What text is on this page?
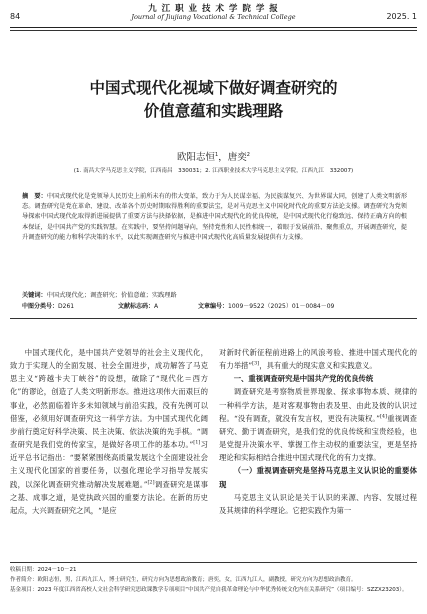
84
九 江 职 业 技 术 学 院 学 报
Journal of Jiujiang Vocational & Technical College	2025. 1
中国式现代化视域下做好调查研究的
价值意蕴和实践理路
欧阳志恒$^1$，唐奕$^2$
(1. 南昌大学马克思主义学院，江西南昌　330031；2. 江西职业技术大学马克思主义学院，江西九江　332007)
摘　要：中国式现代化是党领导人民历史上前所未有的伟大变革，致力于为人民谋幸福、为民族谋复兴、为世界谋大同，创建了人类文明新形态。调查研究是党在革命、建设、改革各个历史时期取得胜利的重要法宝，是对马克思主义中国化时代化的重要方法论支撑。调查研究为党领导探索中国式现代化取得新进展提供了重要方法与抉择依据，是推进中国式现代化的优良传统，是中国式现代化行稳致远、保持正确方向的根本保证，是中国共产党的实践智慧。在实践中，要坚持问题导向，坚持党性和人民性相统一，着眼于发展前沿、聚焦重点，开展调查研究，提升调查研究的能力和科学决策的水平，以此实现调查研究与推进中国式现代化高质量发展提供有力支撑。
关键词：中国式现代化；调查研究；价值意蕴；实践理路
中图分类号：D261	文献标志码：A	文章编号：1009－9522（2025）01－0084－09

中国式现代化，是中国共产党领导的社会主义现代化，致力于实现人的全面发展、社会全面进步，成功解答了马克思主义“跨越卡夫丁峡谷”的设想，破除了“现代化＝西方化”的谬论，创造了人类文明新形态。推进这项伟大而艰巨的事业，必然面临着许多未知领域与前沿实践，没有先例可以借鉴，必须用好调查研究这一科学方法。为中国式现代化阔步前行奠定好科学决策、民主决策、依法决策的先手棋。“调查研究是我们党的传家宝，是做好各项工作的基本功。”[1]习近平总书记指出：“要紧紧围绕高质量发展这个全面建设社会主义现代化国家的首要任务，以强化理论学习指导发展实践，以深化调查研究推动解决发展难题。”[2]调查研究是谋事之基、成事之道，是党执政兴国的重要方法论。在新的历史起点，大兴调查研究之风，“是应

对新时代新征程前进路上的风浪考验、推进中国式现代化的有力举措”[3]，具有重大的现实意义和实践意义。

一、重视调查研究是中国共产党的优良传统

调查研究是考察物质世界现象、探求事物本质、规律的一种科学方法，是对客观事物由表及里、由此及彼的认识过程。“没有调查，就没有发言权，更没有决策权。”[4]重视调查研究、勤于调查研究，是我们党的优良传统和宝贵经验，也是党提升决策水平、掌握工作主动权的重要法宝，更是坚持理论和实际相结合推进中国式现代化的有力支撑。

（一）重视调查研究是坚持马克思主义认识论的重要体现

马克思主义认识论是关于认识的来源、内容、发展过程及其规律的科学理论。它把实践作为第一

收稿日期：2024－10－21
作者简介：欧阳志恒，男，江西九江人，博士研究生，研究方向为思想政治教育；唐奕，女，江西九江人，副教授，研究方向为思想政治教育。
基金项目：2023 年度江西省高校人文社会科学研究思政课教学专项项目“中国共产党自我革命理论与中华优秀传统文化内在关系研究”（项目编号：SZZX23203）。
